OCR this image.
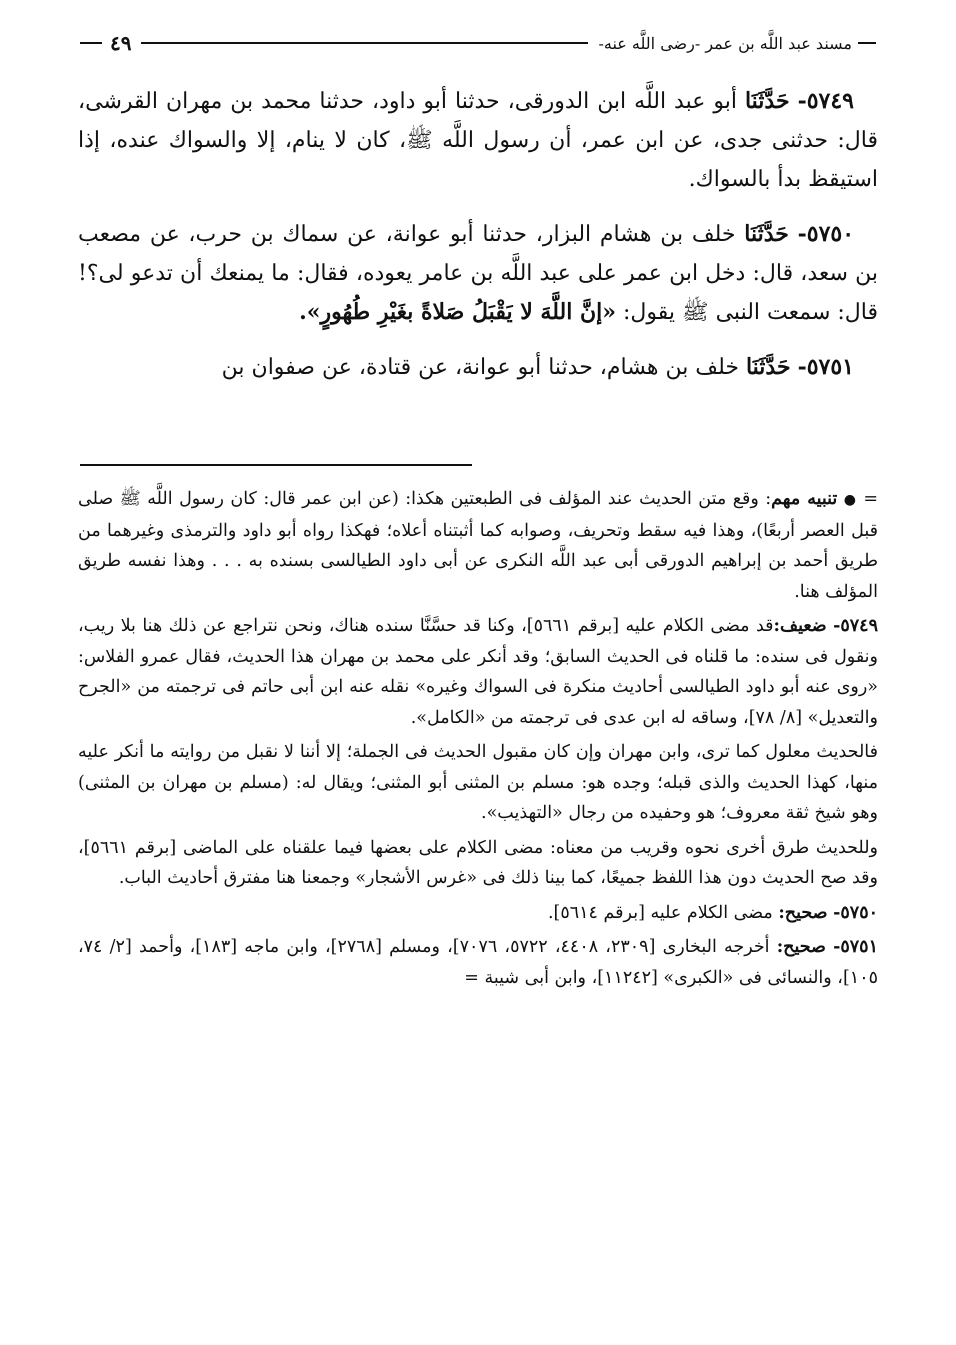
مسند عبد اللَّه بن عمر -رضى اللَّه عنه-
٤٩

٥٧٤٩- حَدَّثَنَا أبو عبد اللَّه ابن الدورقى، حدثنا أبو داود، حدثنا محمد بن مهران القرشى، قال: حدثنى جدى، عن ابن عمر، أن رسول اللَّه ﷺ، كان لا ينام، إلا والسواك عنده، إذا استيقظ بدأ بالسواك.

٥٧٥٠- حَدَّثَنَا خلف بن هشام البزار، حدثنا أبو عوانة، عن سماك بن حرب، عن مصعب بن سعد، قال: دخل ابن عمر على عبد اللَّه بن عامر يعوده، فقال: ما يمنعك أن تدعو لى؟! قال: سمعت النبى ﷺ يقول: «إنَّ اللَّهَ لا يَقْبَلُ صَلاةً بغَيْرِ طُهُورٍ».

٥٧٥١- حَدَّثَنَا خلف بن هشام، حدثنا أبو عوانة، عن قتادة، عن صفوان بن

= ● تنبيه مهم: وقع متن الحديث عند المؤلف فى الطبعتين هكذا: (عن ابن عمر قال: كان رسول اللَّه ﷺ صلى قبل العصر أربعًا)، وهذا فيه سقط وتحريف، وصوابه كما أثبتناه أعلاه؛ فهكذا رواه أبو داود والترمذى وغيرهما من طريق أحمد بن إبراهيم الدورقى أبى عبد اللَّه النكرى عن أبى داود الطيالسى بسنده به . . . وهذا نفسه طريق المؤلف هنا.

٥٧٤٩- ضعيف:قد مضى الكلام عليه [برقم ٥٦٦١]، وكنا قد حسَّنَّا سنده هناك، ونحن نتراجع عن ذلك هنا بلا ريب، ونقول فى سنده: ما قلناه فى الحديث السابق؛ وقد أنكر على محمد بن مهران هذا الحديث، فقال عمرو الفلاس: «روى عنه أبو داود الطيالسى أحاديث منكرة فى السواك وغيره» نقله عنه ابن أبى حاتم فى ترجمته من «الجرح والتعديل» [٨/ ٧٨]، وساقه له ابن عدى فى ترجمته من «الكامل».

فالحديث معلول كما ترى، وابن مهران وإن كان مقبول الحديث فى الجملة؛ إلا أننا لا نقبل من روايته ما أنكر عليه منها، كهذا الحديث والذى قبله؛ وجده هو: مسلم بن المثنى أبو المثنى؛ ويقال له: (مسلم بن مهران بن المثنى) وهو شيخ ثقة معروف؛ هو وحفيده من رجال «التهذيب».

وللحديث طرق أخرى نحوه وقريب من معناه: مضى الكلام على بعضها فيما علقناه على الماضى [برقم ٥٦٦١]، وقد صح الحديث دون هذا اللفظ جميعًا، كما بينا ذلك فى «غرس الأشجار» وجمعنا هنا مفترق أحاديث الباب.

٥٧٥٠- صحيح: مضى الكلام عليه [برقم ٥٦١٤].

٥٧٥١- صحيح: أخرجه البخارى [٢٣٠٩، ٤٤٠٨، ٥٧٢٢، ٧٠٧٦]، ومسلم [٢٧٦٨]، وابن ماجه [١٨٣]، وأحمد [٢/ ٧٤، ١٠٥]، والنسائى فى «الكبرى» [١١٢٤٢]، وابن أبى شيبة =
